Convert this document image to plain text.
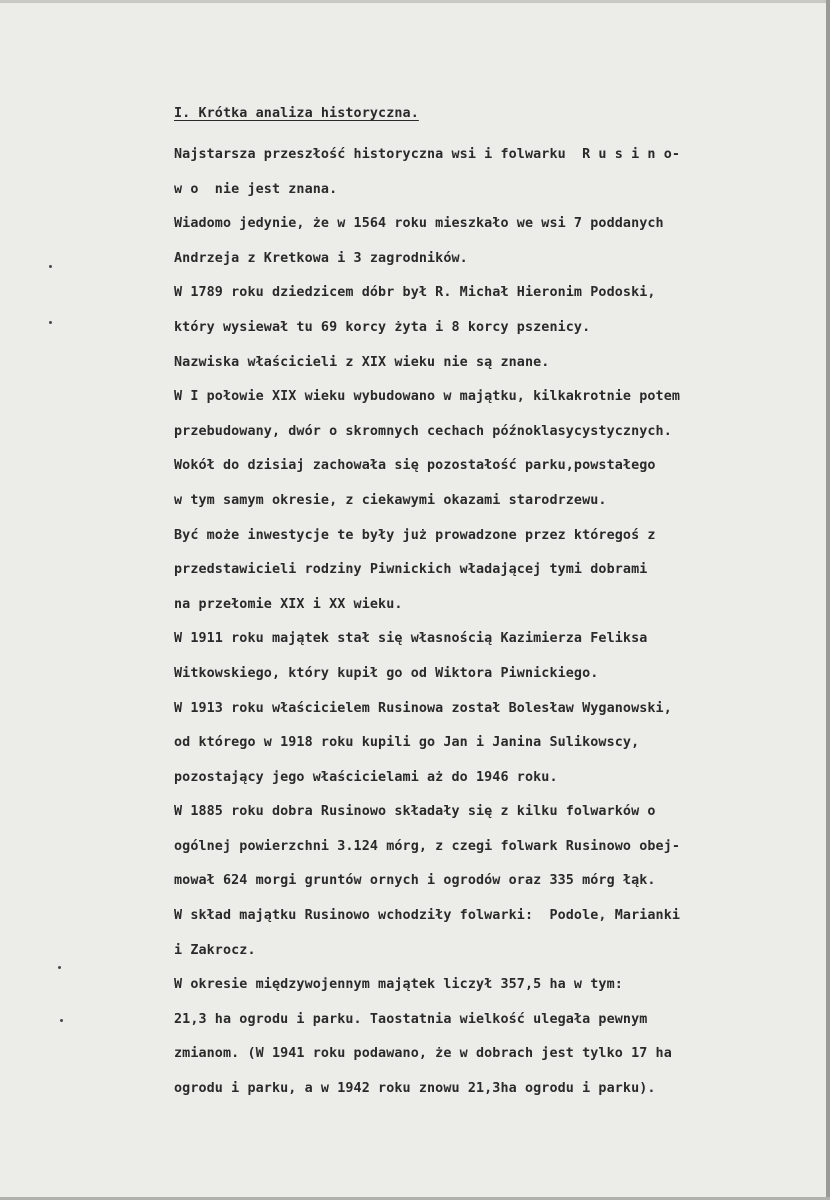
I. Krótka analiza historyczna.
Najstarsza przeszłość historyczna wsi i folwarku  R u s i n o-
w o  nie jest znana.
Wiadomo jedynie, że w 1564 roku mieszkało we wsi 7 poddanych
Andrzeja z Kretkowa i 3 zagrodników.
W 1789 roku dziedzicem dóbr był R. Michał Hieronim Podoski,
który wysiewał tu 69 korcy żyta i 8 korcy pszenicy.
Nazwiska właścicieli z XIX wieku nie są znane.
W I połowie XIX wieku wybudowano w majątku, kilkakrotnie potem
przebudowany, dwór o skromnych cechach późnoklasycystycznych.
Wokół do dzisiaj zachowała się pozostałość parku,powstałego
w tym samym okresie, z ciekawymi okazami starodrzewu.
Być może inwestycje te były już prowadzone przez któregoś z
przedstawicieli rodziny Piwnickich władającej tymi dobrami
na przełomie XIX i XX wieku.
W 1911 roku majątek stał się własnością Kazimierza Feliksa
Witkowskiego, który kupił go od Wiktora Piwnickiego.
W 1913 roku właścicielem Rusinowa został Bolesław Wyganowski,
od którego w 1918 roku kupili go Jan i Janina Sulikowscy,
pozostający jego właścicielami aż do 1946 roku.
W 1885 roku dobra Rusinowo składały się z kilku folwarków o
ogólnej powierzchni 3.124 mórg, z czegi folwark Rusinowo obej-
mował 624 morgi gruntów ornych i ogrodów oraz 335 mórg łąk.
W skład majątku Rusinowo wchodziły folwarki:  Podole, Marianki
i Zakrocz.
W okresie międzywojennym majątek liczył 357,5 ha w tym:
21,3 ha ogrodu i parku. Taostatnia wielkość ulegała pewnym
zmianom. (W 1941 roku podawano, że w dobrach jest tylko 17 ha
ogrodu i parku, a w 1942 roku znowu 21,3ha ogrodu i parku).
